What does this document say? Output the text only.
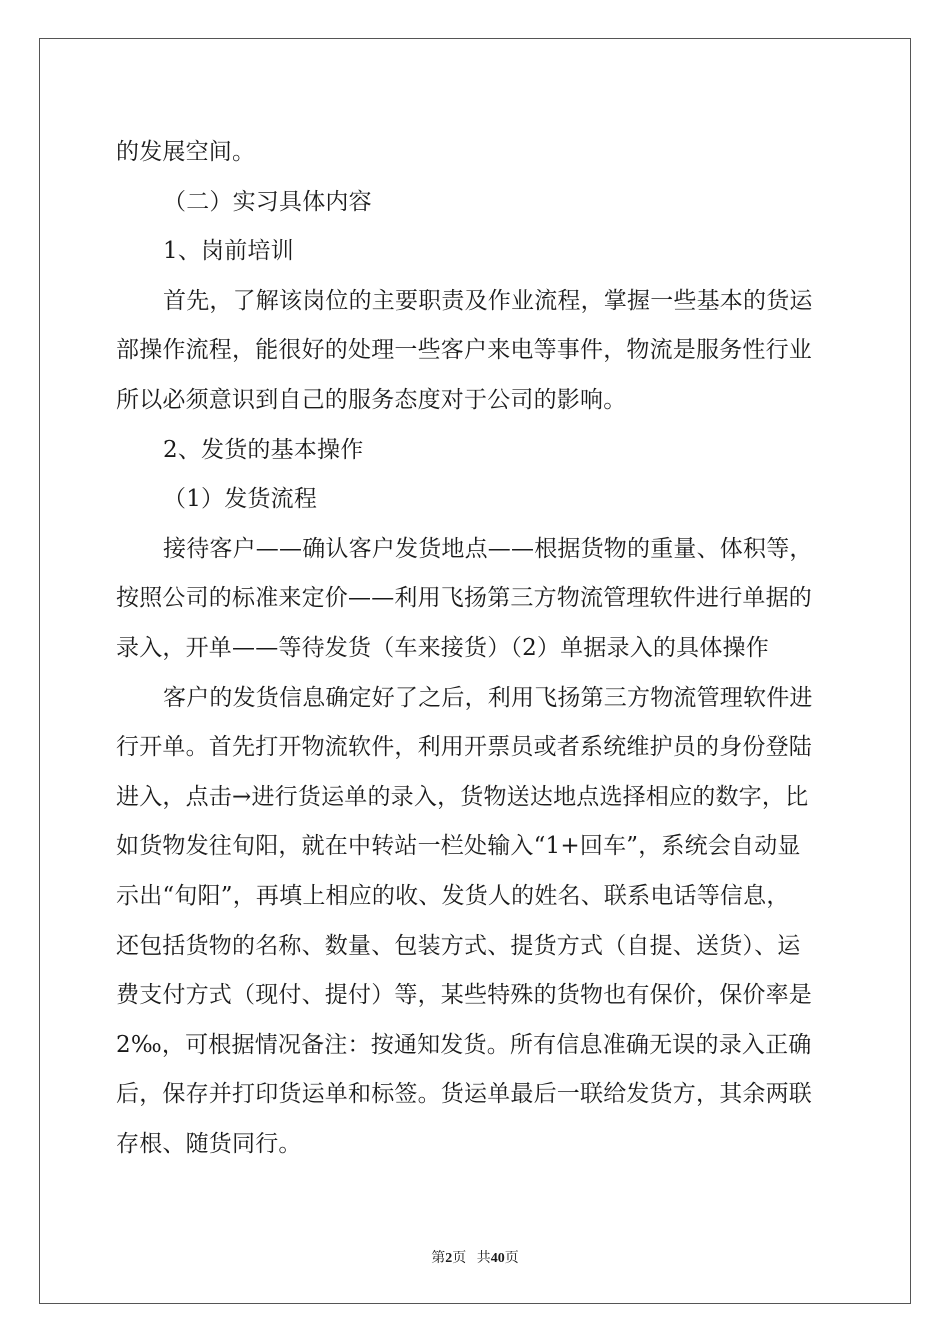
的发展空间。
（二）实习具体内容
1、岗前培训
首先，了解该岗位的主要职责及作业流程，掌握一些基本的货运
部操作流程，能很好的处理一些客户来电等事件，物流是服务性行业
所以必须意识到自己的服务态度对于公司的影响。
2、发货的基本操作
（1）发货流程
接待客户——确认客户发货地点——根据货物的重量、体积等，
按照公司的标准来定价——利用飞扬第三方物流管理软件进行单据的
录入，开单——等待发货（车来接货）（2）单据录入的具体操作
客户的发货信息确定好了之后，利用飞扬第三方物流管理软件进
行开单。首先打开物流软件，利用开票员或者系统维护员的身份登陆
进入，点击→进行货运单的录入，货物送达地点选择相应的数字，比
如货物发往旬阳，就在中转站一栏处输入“1+回车”，系统会自动显
示出“旬阳”，再填上相应的收、发货人的姓名、联系电话等信息，
还包括货物的名称、数量、包装方式、提货方式（自提、送货）、运
费支付方式（现付、提付）等，某些特殊的货物也有保价，保价率是
2‰，可根据情况备注：按通知发货。所有信息准确无误的录入正确
后，保存并打印货运单和标签。货运单最后一联给发货方，其余两联
存根、随货同行。
第2页 共40页
